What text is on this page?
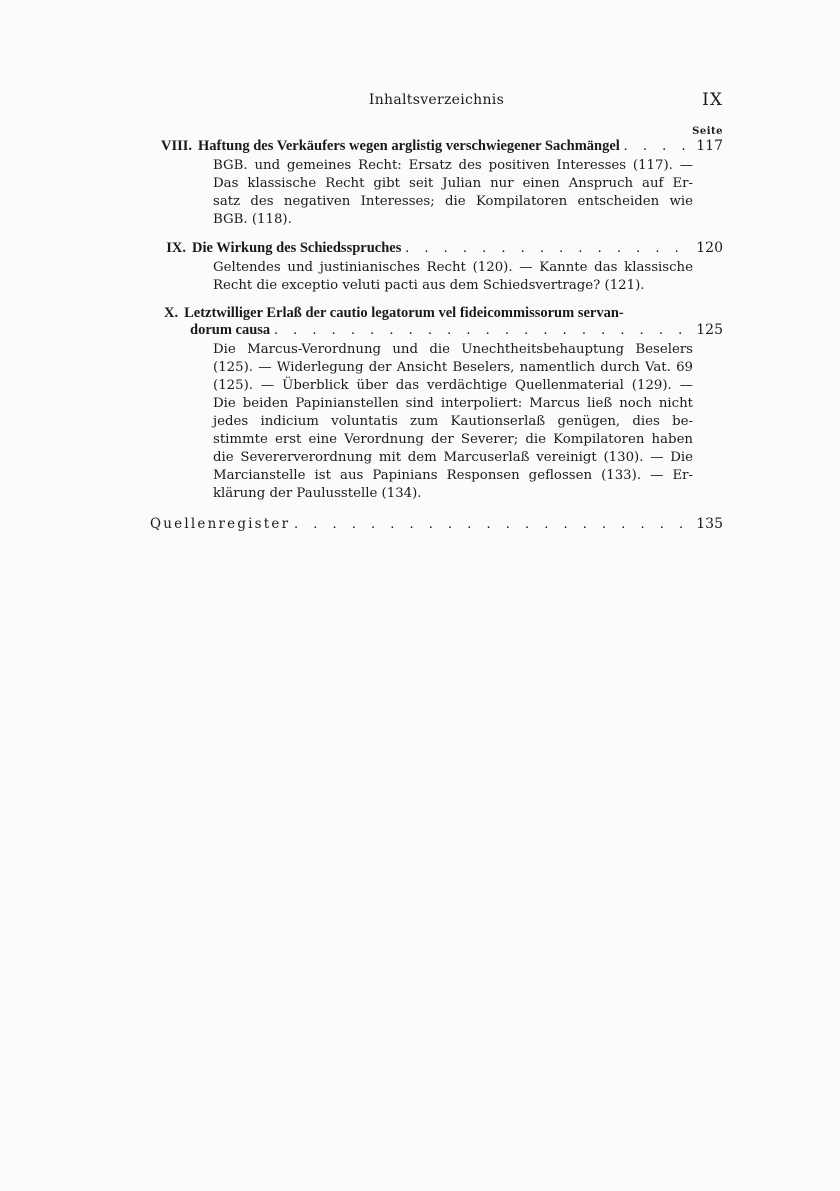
Inhaltsverzeichnis	IX
Seite
VIII. Haftung des Verkäufers wegen arglistig verschwiegener Sachmängel . . .	117
BGB. und gemeines Recht: Ersatz des positiven Interesses (117). —
Das klassische Recht gibt seit Julian nur einen Anspruch auf Er-
satz des negativen Interesses; die Kompilatoren entscheiden wie
BGB. (118).
IX. Die Wirkung des Schiedsspruches . . .	120
Geltendes und justinianisches Recht (120). — Kannte das klassische
Recht die exceptio veluti pacti aus dem Schiedsvertrage? (121).
X. Letztwilliger Erlaß der cautio legatorum vel fideicommissorum servan-
dorum causa . . .	125
Die Marcus-Verordnung und die Unechtheitsbehauptung Beselers
(125). — Widerlegung der Ansicht Beselers, namentlich durch Vat. 69
(125). — Überblick über das verdächtige Quellenmaterial (129). —
Die beiden Papinianstellen sind interpoliert: Marcus ließ noch nicht
jedes indicium voluntatis zum Kautionserlaß genügen, dies be-
stimmte erst eine Verordnung der Severer; die Kompilatoren haben
die Severerverordnung mit dem Marcuserlaß vereinigt (130). — Die
Marcianstelle ist aus Papinians Responsen geflossen (133). — Er-
klärung der Paulusstelle (134).
Quellenregister . . .	135
